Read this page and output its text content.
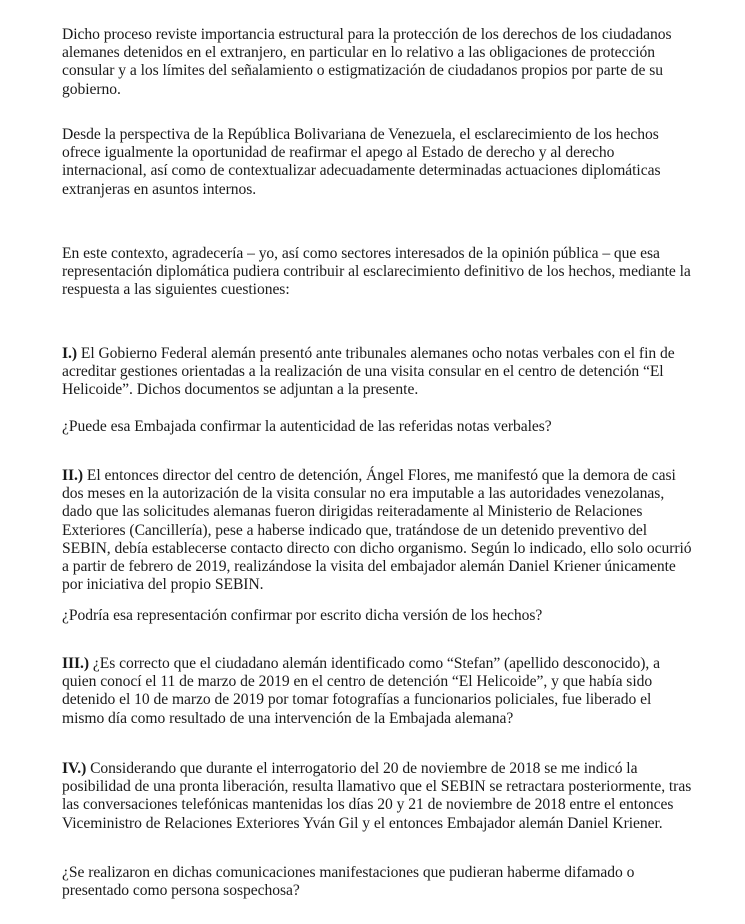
Dicho proceso reviste importancia estructural para la protección de los derechos de los ciudadanos alemanes detenidos en el extranjero, en particular en lo relativo a las obligaciones de protección consular y a los límites del señalamiento o estigmatización de ciudadanos propios por parte de su gobierno.

Desde la perspectiva de la República Bolivariana de Venezuela, el esclarecimiento de los hechos ofrece igualmente la oportunidad de reafirmar el apego al Estado de derecho y al derecho internacional, así como de contextualizar adecuadamente determinadas actuaciones diplomáticas extranjeras en asuntos internos.

En este contexto, agradecería – yo, así como sectores interesados de la opinión pública – que esa representación diplomática pudiera contribuir al esclarecimiento definitivo de los hechos, mediante la respuesta a las siguientes cuestiones:

I.) El Gobierno Federal alemán presentó ante tribunales alemanes ocho notas verbales con el fin de acreditar gestiones orientadas a la realización de una visita consular en el centro de detención “El Helicoide”. Dichos documentos se adjuntan a la presente.

¿Puede esa Embajada confirmar la autenticidad de las referidas notas verbales?

II.) El entonces director del centro de detención, Ángel Flores, me manifestó que la demora de casi dos meses en la autorización de la visita consular no era imputable a las autoridades venezolanas, dado que las solicitudes alemanas fueron dirigidas reiteradamente al Ministerio de Relaciones Exteriores (Cancillería), pese a haberse indicado que, tratándose de un detenido preventivo del SEBIN, debía establecerse contacto directo con dicho organismo. Según lo indicado, ello solo ocurrió a partir de febrero de 2019, realizándose la visita del embajador alemán Daniel Kriener únicamente por iniciativa del propio SEBIN.

¿Podría esa representación confirmar por escrito dicha versión de los hechos?

III.) ¿Es correcto que el ciudadano alemán identificado como “Stefan” (apellido desconocido), a quien conocí el 11 de marzo de 2019 en el centro de detención “El Helicoide”, y que había sido detenido el 10 de marzo de 2019 por tomar fotografías a funcionarios policiales, fue liberado el mismo día como resultado de una intervención de la Embajada alemana?

IV.) Considerando que durante el interrogatorio del 20 de noviembre de 2018 se me indicó la posibilidad de una pronta liberación, resulta llamativo que el SEBIN se retractara posteriormente, tras las conversaciones telefónicas mantenidas los días 20 y 21 de noviembre de 2018 entre el entonces Viceministro de Relaciones Exteriores Yván Gil y el entonces Embajador alemán Daniel Kriener.

¿Se realizaron en dichas comunicaciones manifestaciones que pudieran haberme difamado o presentado como persona sospechosa?
